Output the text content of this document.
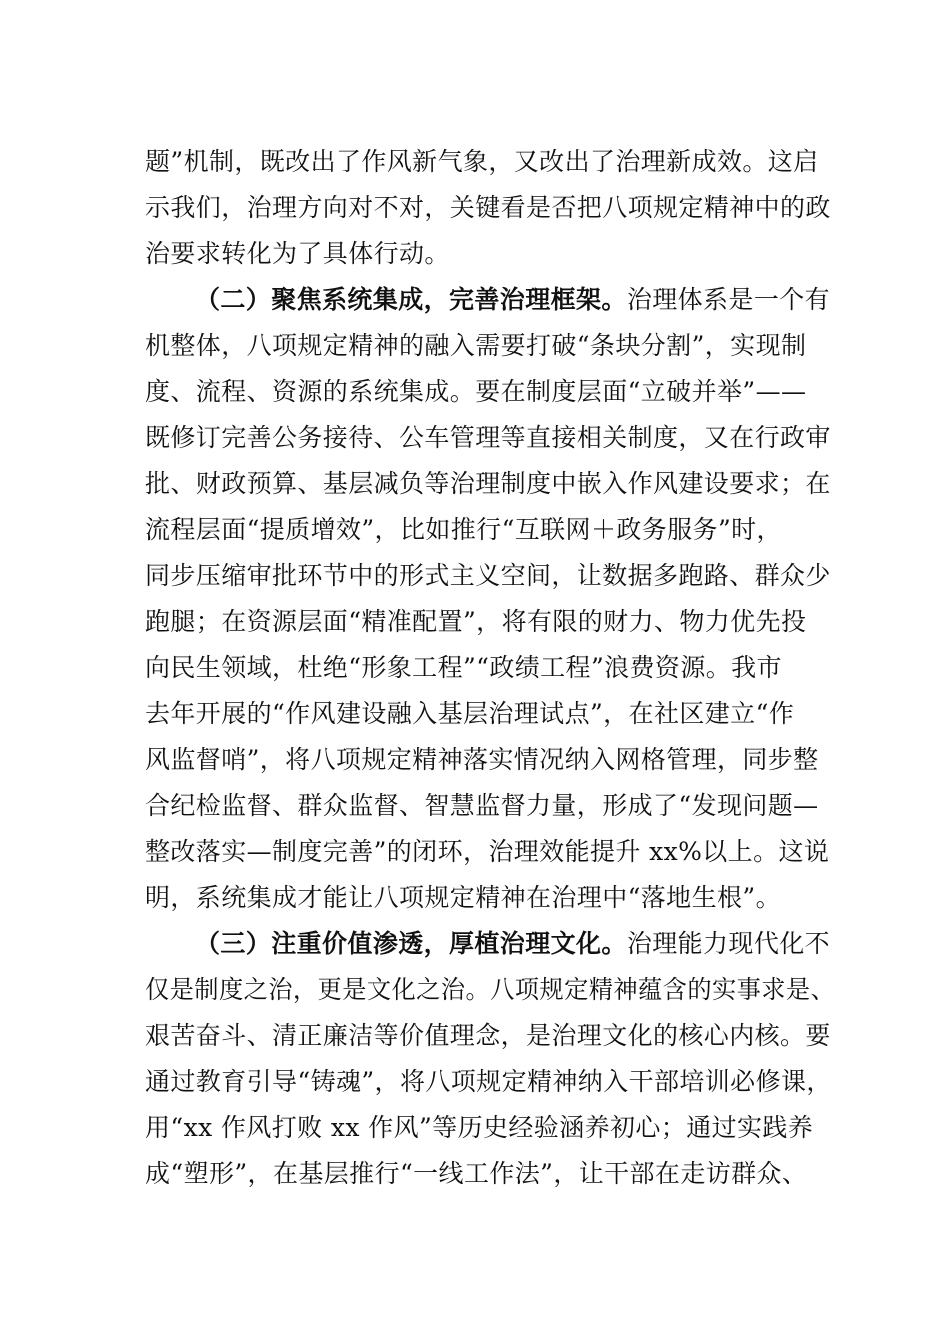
题”机制，既改出了作风新气象，又改出了治理新成效。这启
示我们，治理方向对不对，关键看是否把八项规定精神中的政
治要求转化为了具体行动。
（二）聚焦系统集成，完善治理框架。治理体系是一个有
机整体，八项规定精神的融入需要打破“条块分割”，实现制
度、流程、资源的系统集成。要在制度层面“立破并举”——
既修订完善公务接待、公车管理等直接相关制度，又在行政审
批、财政预算、基层减负等治理制度中嵌入作风建设要求；在
流程层面“提质增效”，比如推行“互联网＋政务服务”时，
同步压缩审批环节中的形式主义空间，让数据多跑路、群众少
跑腿；在资源层面“精准配置”，将有限的财力、物力优先投
向民生领域，杜绝“形象工程”“政绩工程”浪费资源。我市
去年开展的“作风建设融入基层治理试点”，在社区建立“作
风监督哨”，将八项规定精神落实情况纳入网格管理，同步整
合纪检监督、群众监督、智慧监督力量，形成了“发现问题—
整改落实—制度完善”的闭环，治理效能提升 xx%以上。这说
明，系统集成才能让八项规定精神在治理中“落地生根”。
（三）注重价值渗透，厚植治理文化。治理能力现代化不
仅是制度之治，更是文化之治。八项规定精神蕴含的实事求是、
艰苦奋斗、清正廉洁等价值理念，是治理文化的核心内核。要
通过教育引导“铸魂”，将八项规定精神纳入干部培训必修课，
用“xx 作风打败 xx 作风”等历史经验涵养初心；通过实践养
成“塑形”，在基层推行“一线工作法”，让干部在走访群众、
